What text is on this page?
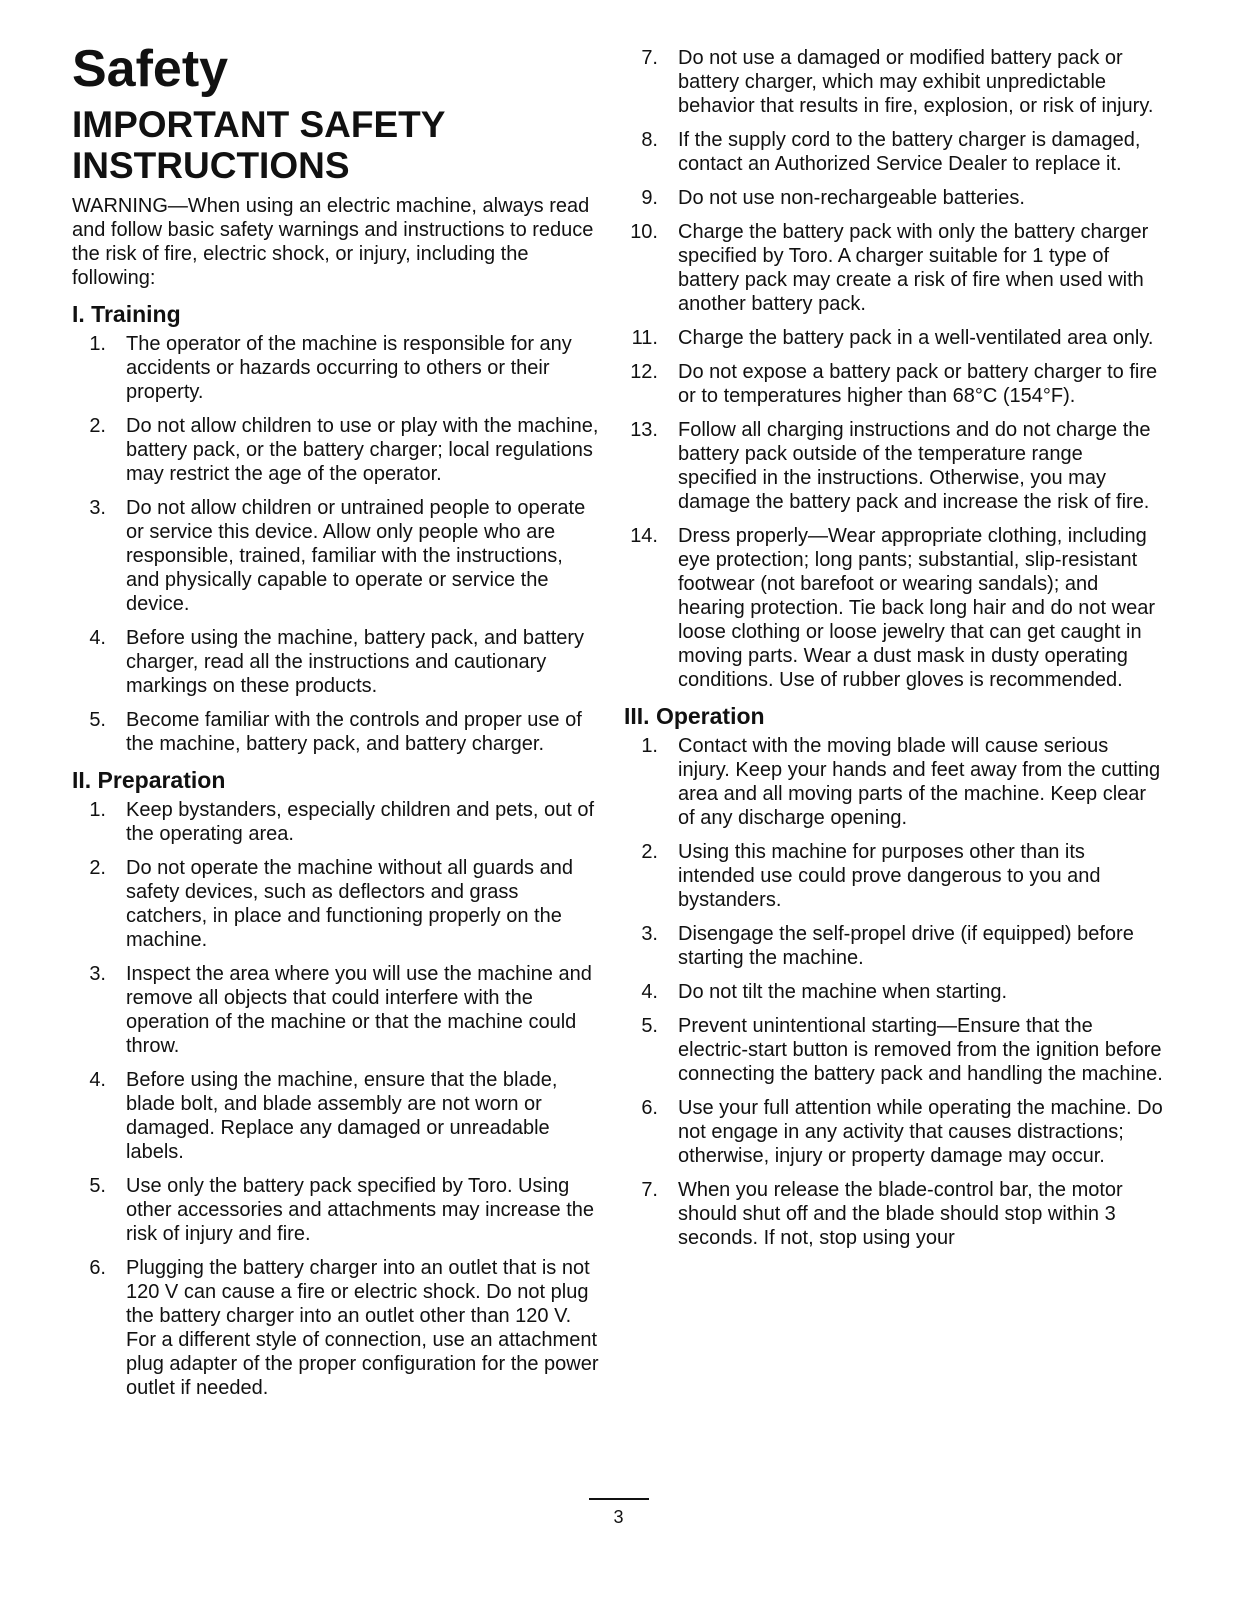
Safety
IMPORTANT SAFETY INSTRUCTIONS

WARNING—When using an electric machine, always read and follow basic safety warnings and instructions to reduce the risk of fire, electric shock, or injury, including the following:

I. Training
1.	The operator of the machine is responsible for any accidents or hazards occurring to others or their property.
2.	Do not allow children to use or play with the machine, battery pack, or the battery charger; local regulations may restrict the age of the operator.
3.	Do not allow children or untrained people to operate or service this device. Allow only people who are responsible, trained, familiar with the instructions, and physically capable to operate or service the device.
4.	Before using the machine, battery pack, and battery charger, read all the instructions and cautionary markings on these products.
5.	Become familiar with the controls and proper use of the machine, battery pack, and battery charger.
II. Preparation
1.	Keep bystanders, especially children and pets, out of the operating area.
2.	Do not operate the machine without all guards and safety devices, such as deflectors and grass catchers, in place and functioning properly on the machine.
3.	Inspect the area where you will use the machine and remove all objects that could interfere with the operation of the machine or that the machine could throw.
4.	Before using the machine, ensure that the blade, blade bolt, and blade assembly are not worn or damaged. Replace any damaged or unreadable labels.
5.	Use only the battery pack specified by Toro. Using other accessories and attachments may increase the risk of injury and fire.
6.	Plugging the battery charger into an outlet that is not 120 V can cause a fire or electric shock. Do not plug the battery charger into an outlet other than 120 V. For a different style of connection, use an attachment plug adapter of the proper configuration for the power outlet if needed.
7.	Do not use a damaged or modified battery pack or battery charger, which may exhibit unpredictable behavior that results in fire, explosion, or risk of injury.
8.	If the supply cord to the battery charger is damaged, contact an Authorized Service Dealer to replace it.
9.	Do not use non-rechargeable batteries.
10.	Charge the battery pack with only the battery charger specified by Toro. A charger suitable for 1 type of battery pack may create a risk of fire when used with another battery pack.
11.	Charge the battery pack in a well-ventilated area only.
12.	Do not expose a battery pack or battery charger to fire or to temperatures higher than 68°C (154°F).
13.	Follow all charging instructions and do not charge the battery pack outside of the temperature range specified in the instructions. Otherwise, you may damage the battery pack and increase the risk of fire.
14.	Dress properly—Wear appropriate clothing, including eye protection; long pants; substantial, slip-resistant footwear (not barefoot or wearing sandals); and hearing protection. Tie back long hair and do not wear loose clothing or loose jewelry that can get caught in moving parts. Wear a dust mask in dusty operating conditions. Use of rubber gloves is recommended.
III. Operation
1.	Contact with the moving blade will cause serious injury. Keep your hands and feet away from the cutting area and all moving parts of the machine. Keep clear of any discharge opening.
2.	Using this machine for purposes other than its intended use could prove dangerous to you and bystanders.
3.	Disengage the self-propel drive (if equipped) before starting the machine.
4.	Do not tilt the machine when starting.
5.	Prevent unintentional starting—Ensure that the electric-start button is removed from the ignition before connecting the battery pack and handling the machine.
6.	Use your full attention while operating the machine. Do not engage in any activity that causes distractions; otherwise, injury or property damage may occur.
7.	When you release the blade-control bar, the motor should shut off and the blade should stop within 3 seconds. If not, stop using your
3
